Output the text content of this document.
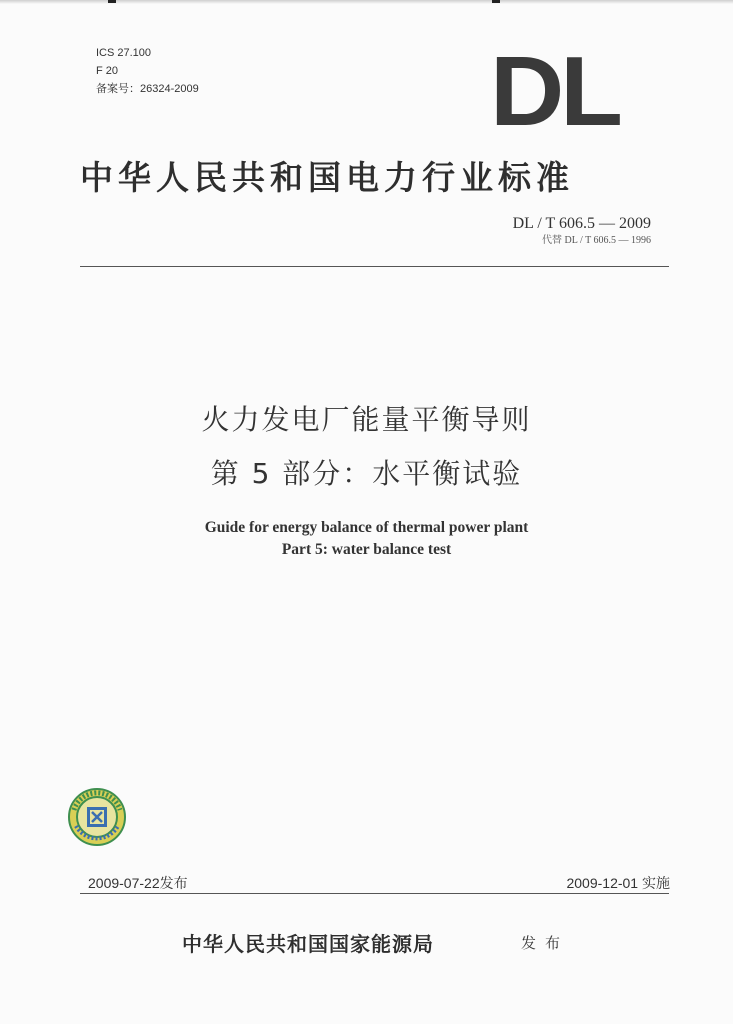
ICS 27.100
F 20
备案号：26324-2009	DL
中华人民共和国电力行业标准
DL / T 606.5 — 2009
代替 DL / T 606.5 — 1996
火力发电厂能量平衡导则
第 5 部分：水平衡试验
Guide for energy balance of thermal power plant
Part 5: water balance test
2009-07-22发布	2009-12-01 实施
中华人民共和国国家能源局	发布
